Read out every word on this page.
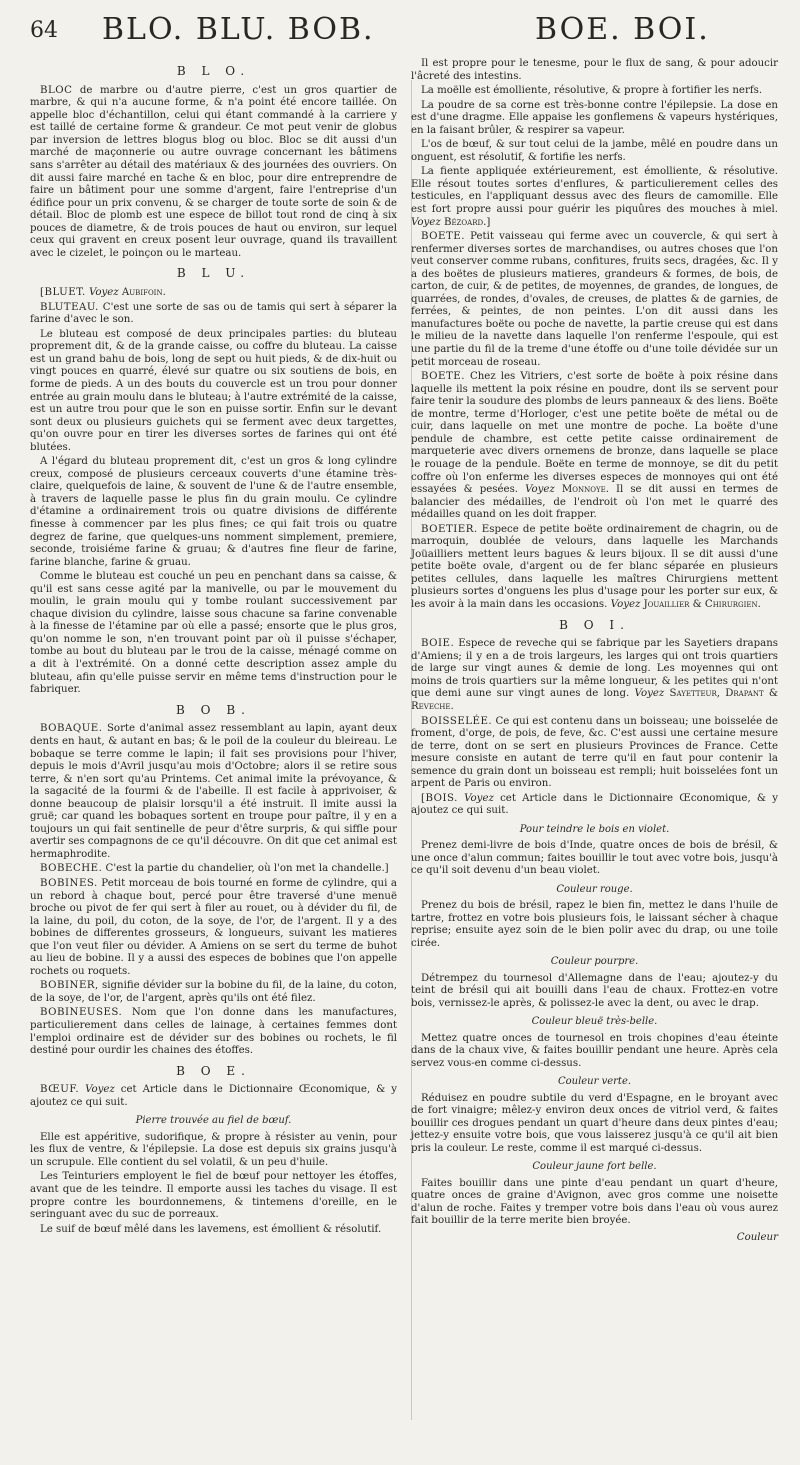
64 BLO. BLU. BOB.	BOE. BOI.
B L O.

BLOC de marbre ou d'autre pierre, c'est un gros quartier de marbre, & qui n'a aucune forme, & n'a point été encore taillée. On appelle bloc d'échantillon, celui qui étant commandé à la carriere y est taillé de certaine forme & grandeur. Ce mot peut venir de globus par inversion de lettres blogus blog ou bloc. Bloc se dit aussi d'un marché de maçonnerie ou autre ouvrage concernant les bâtimens sans s'arrêter au détail des matériaux & des journées des ouvriers. On dit aussi faire marché en tache & en bloc, pour dire entreprendre de faire un bâtiment pour une somme d'argent, faire l'entreprise d'un édifice pour un prix convenu, & se charger de toute sorte de soin & de détail. Bloc de plomb est une espece de billot tout rond de cinq à six pouces de diametre, & de trois pouces de haut ou environ, sur lequel ceux qui gravent en creux posent leur ouvrage, quand ils travaillent avec le cizelet, le poinçon ou le marteau.

B L U.

[BLUET. Voyez Aubifoin.

BLUTEAU. C'est une sorte de sas ou de tamis qui sert à séparer la farine d'avec le son.

Le bluteau est composé de deux principales parties: du bluteau proprement dit, & de la grande caisse, ou coffre du bluteau. La caisse est un grand bahu de bois, long de sept ou huit pieds, & de dix-huit ou vingt pouces en quarré, élevé sur quatre ou six soutiens de bois, en forme de pieds. A un des bouts du couvercle est un trou pour donner entrée au grain moulu dans le bluteau; à l'autre extrémité de la caisse, est un autre trou pour que le son en puisse sortir. Enfin sur le devant sont deux ou plusieurs guichets qui se ferment avec deux targettes, qu'on ouvre pour en tirer les diverses sortes de farines qui ont été blutées.

A l'égard du bluteau proprement dit, c'est un gros & long cylindre creux, composé de plusieurs cerceaux couverts d'une étamine très-claire, quelquefois de laine, & souvent de l'une & de l'autre ensemble, à travers de laquelle passe le plus fin du grain moulu. Ce cylindre d'étamine a ordinairement trois ou quatre divisions de différente finesse à commencer par les plus fines; ce qui fait trois ou quatre degrez de farine, que quelques-uns nomment simplement, premiere, seconde, troisiéme farine & gruau; & d'autres fine fleur de farine, farine blanche, farine & gruau.

Comme le bluteau est couché un peu en penchant dans sa caisse, & qu'il est sans cesse agité par la manivelle, ou par le mouvement du moulin, le grain moulu qui y tombe roulant successivement par chaque division du cylindre, laisse sous chacune sa farine convenable à la finesse de l'étamine par où elle a passé; ensorte que le plus gros, qu'on nomme le son, n'en trouvant point par où il puisse s'échaper, tombe au bout du bluteau par le trou de la caisse, ménagé comme on a dit à l'extrémité. On a donné cette description assez ample du bluteau, afin qu'elle puisse servir en même tems d'instruction pour le fabriquer.

B O B.

BOBAQUE. Sorte d'animal assez ressemblant au lapin, ayant deux dents en haut, & autant en bas; & le poil de la couleur du bleireau. Le bobaque se terre comme le lapin; il fait ses provisions pour l'hiver, depuis le mois d'Avril jusqu'au mois d'Octobre; alors il se retire sous terre, & n'en sort qu'au Printems. Cet animal imite la prévoyance, & la sagacité de la fourmi & de l'abeille. Il est facile à apprivoiser, & donne beaucoup de plaisir lorsqu'il a été instruit. Il imite aussi la gruë; car quand les bobaques sortent en troupe pour paître, il y en a toujours un qui fait sentinelle de peur d'être surpris, & qui siffle pour avertir ses compagnons de ce qu'il découvre. On dit que cet animal est hermaphrodite.

BOBECHE. C'est la partie du chandelier, où l'on met la chandelle.]

BOBINES. Petit morceau de bois tourné en forme de cylindre, qui a un rebord à chaque bout, percé pour être traversé d'une menuë broche ou pivot de fer qui sert à filer au rouet, ou à dévider du fil, de la laine, du poil, du coton, de la soye, de l'or, de l'argent. Il y a des bobines de differentes grosseurs, & longueurs, suivant les matieres que l'on veut filer ou dévider. A Amiens on se sert du terme de buhot au lieu de bobine. Il y a aussi des especes de bobines que l'on appelle rochets ou roquets.

BOBINER, signifie dévider sur la bobine du fil, de la laine, du coton, de la soye, de l'or, de l'argent, après qu'ils ont été filez.

BOBINEUSES. Nom que l'on donne dans les manufactures, particulierement dans celles de lainage, à certaines femmes dont l'emploi ordinaire est de dévider sur des bobines ou rochets, le fil destiné pour ourdir les chaines des étoffes.

B O E.

BŒUF. Voyez cet Article dans le Dictionnaire Œconomique, & y ajoutez ce qui suit.

Pierre trouvée au fiel de bœuf.

Elle est appéritive, sudorifique, & propre à résister au venin, pour les flux de ventre, & l'épilepsie. La dose est depuis six grains jusqu'à un scrupule. Elle contient du sel volatil, & un peu d'huile.

Les Teinturiers employent le fiel de bœuf pour nettoyer les étoffes, avant que de les teindre. Il emporte aussi les taches du visage. Il est propre contre les bourdonnemens, & tintemens d'oreille, en le seringuant avec du suc de porreaux.

Le suif de bœuf mêlé dans les lavemens, est émollient & résolutif.

Il est propre pour le tenesme, pour le flux de sang, & pour adoucir l'âcreté des intestins.

La moëlle est émolliente, résolutive, & propre à fortifier les nerfs.

La poudre de sa corne est très-bonne contre l'épilepsie. La dose en est d'une dragme. Elle appaise les gonflemens & vapeurs hystériques, en la faisant brûler, & respirer sa vapeur.

L'os de bœuf, & sur tout celui de la jambe, mêlé en poudre dans un onguent, est résolutif, & fortifie les nerfs.

La fiente appliquée extérieurement, est émolliente, & résolutive. Elle résout toutes sortes d'enflures, & particulierement celles des testicules, en l'appliquant dessus avec des fleurs de camomille. Elle est fort propre aussi pour guérir les piquûres des mouches à miel. Voyez Bézoard.]

BOETE. Petit vaisseau qui ferme avec un couvercle, & qui sert à renfermer diverses sortes de marchandises, ou autres choses que l'on veut conserver comme rubans, confitures, fruits secs, dragées, &c. Il y a des boëtes de plusieurs matieres, grandeurs & formes, de bois, de carton, de cuir, & de petites, de moyennes, de grandes, de longues, de quarrées, de rondes, d'ovales, de creuses, de plattes & de garnies, de ferrées, & peintes, de non peintes. L'on dit aussi dans les manufactures boëte ou poche de navette, la partie creuse qui est dans le milieu de la navette dans laquelle l'on renferme l'espoule, qui est une partie du fil de la treme d'une étoffe ou d'une toile dévidée sur un petit morceau de roseau.

BOETE. Chez les Vitriers, c'est sorte de boëte à poix résine dans laquelle ils mettent la poix résine en poudre, dont ils se servent pour faire tenir la soudure des plombs de leurs panneaux & des liens. Boëte de montre, terme d'Horloger, c'est une petite boëte de métal ou de cuir, dans laquelle on met une montre de poche. La boëte d'une pendule de chambre, est cette petite caisse ordinairement de marqueterie avec divers ornemens de bronze, dans laquelle se place le rouage de la pendule. Boëte en terme de monnoye, se dit du petit coffre où l'on enferme les diverses especes de monnoyes qui ont été essayées & pesées. Voyez Monnoye. Il se dit aussi en termes de balancier des médailles, de l'endroit où l'on met le quarré des médailles quand on les doit frapper.

BOETIER. Espece de petite boëte ordinairement de chagrin, ou de marroquin, doublée de velours, dans laquelle les Marchands Joüailliers mettent leurs bagues & leurs bijoux. Il se dit aussi d'une petite boëte ovale, d'argent ou de fer blanc séparée en plusieurs petites cellules, dans laquelle les maîtres Chirurgiens mettent plusieurs sortes d'onguens les plus d'usage pour les porter sur eux, & les avoir à la main dans les occasions. Voyez Jouaillier & Chirurgien.

B O I.

BOIE. Espece de reveche qui se fabrique par les Sayetiers drapans d'Amiens; il y en a de trois largeurs, les larges qui ont trois quartiers de large sur vingt aunes & demie de long. Les moyennes qui ont moins de trois quartiers sur la même longueur, & les petites qui n'ont que demi aune sur vingt aunes de long. Voyez Sayetteur, Drapant & Reveche.

BOISSELÉE. Ce qui est contenu dans un boisseau; une boisselée de froment, d'orge, de pois, de feve, &c. C'est aussi une certaine mesure de terre, dont on se sert en plusieurs Provinces de France. Cette mesure consiste en autant de terre qu'il en faut pour contenir la semence du grain dont un boisseau est rempli; huit boisselées font un arpent de Paris ou environ.

[BOIS. Voyez cet Article dans le Dictionnaire Œconomique, & y ajoutez ce qui suit.

Pour teindre le bois en violet.

Prenez demi-livre de bois d'Inde, quatre onces de bois de brésil, & une once d'alun commun; faites bouillir le tout avec votre bois, jusqu'à ce qu'il soit devenu d'un beau violet.

Couleur rouge.

Prenez du bois de brésil, rapez le bien fin, mettez le dans l'huile de tartre, frottez en votre bois plusieurs fois, le laissant sécher à chaque reprise; ensuite ayez soin de le bien polir avec du drap, ou une toile cirée.

Couleur pourpre.

Détrempez du tournesol d'Allemagne dans de l'eau; ajoutez-y du teint de brésil qui ait bouilli dans l'eau de chaux. Frottez-en votre bois, vernissez-le après, & polissez-le avec la dent, ou avec le drap.

Couleur bleuë très-belle.

Mettez quatre onces de tournesol en trois chopines d'eau éteinte dans de la chaux vive, & faites bouillir pendant une heure. Après cela servez vous-en comme ci-dessus.

Couleur verte.

Réduisez en poudre subtile du verd d'Espagne, en le broyant avec de fort vinaigre; mêlez-y environ deux onces de vitriol verd, & faites bouillir ces drogues pendant un quart d'heure dans deux pintes d'eau; jettez-y ensuite votre bois, que vous laisserez jusqu'à ce qu'il ait bien pris la couleur. Le reste, comme il est marqué ci-dessus.

Couleur jaune fort belle.

Faites bouillir dans une pinte d'eau pendant un quart d'heure, quatre onces de graine d'Avignon, avec gros comme une noisette d'alun de roche. Faites y tremper votre bois dans l'eau où vous aurez fait bouillir de la terre merite bien broyée.

Couleur
